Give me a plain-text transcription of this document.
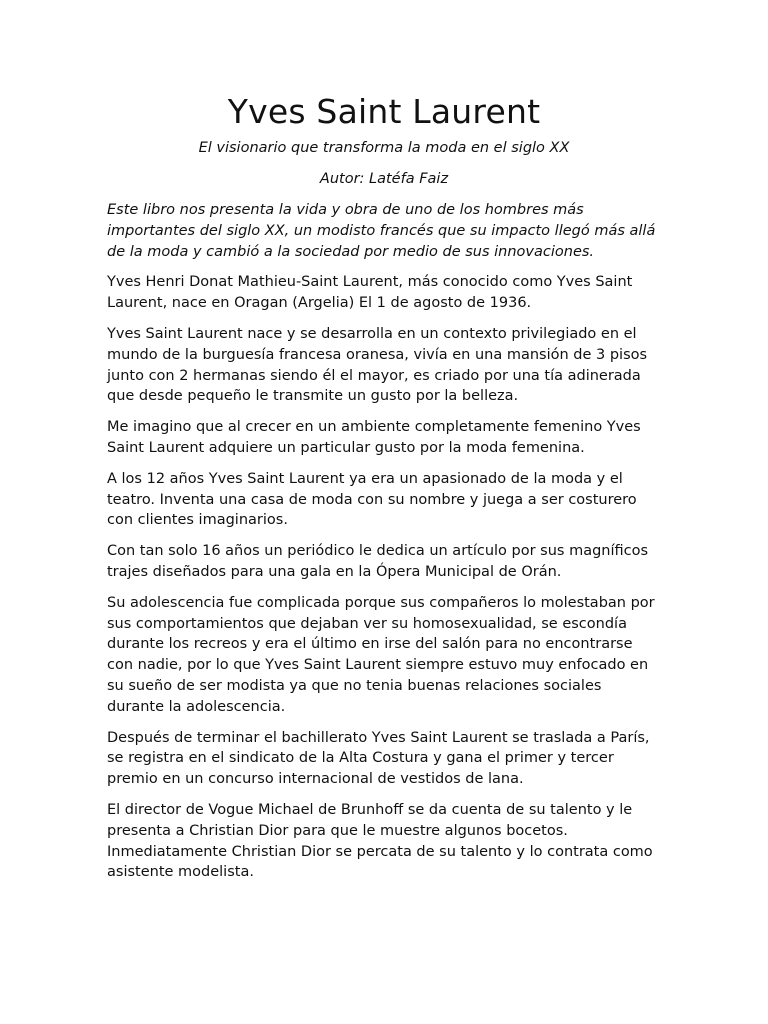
Yves Saint Laurent

El visionario que transforma la moda en el siglo XX

Autor: Latéfa Faiz

Este libro nos presenta la vida y obra de uno de los hombres más importantes del siglo XX, un modisto francés que su impacto llegó más allá de la moda y cambió a la sociedad por medio de sus innovaciones.

Yves Henri Donat Mathieu-Saint Laurent, más conocido como Yves Saint Laurent, nace en Oragan (Argelia) El 1 de agosto de 1936.

Yves Saint Laurent nace y se desarrolla en un contexto privilegiado en el mundo de la burguesía francesa oranesa, vivía en una mansión de 3 pisos junto con 2 hermanas siendo él el mayor, es criado por una tía adinerada que desde pequeño le transmite un gusto por la belleza.

Me imagino que al crecer en un ambiente completamente femenino Yves Saint Laurent adquiere un particular gusto por la moda femenina.

A los 12 años Yves Saint Laurent ya era un apasionado de la moda y el teatro. Inventa una casa de moda con su nombre y juega a ser costurero con clientes imaginarios.

Con tan solo 16 años un periódico le dedica un artículo por sus magníficos trajes diseñados para una gala en la Ópera Municipal de Orán.

Su adolescencia fue complicada porque sus compañeros lo molestaban por sus comportamientos que dejaban ver su homosexualidad, se escondía durante los recreos y era el último en irse del salón para no encontrarse con nadie, por lo que Yves Saint Laurent siempre estuvo muy enfocado en su sueño de ser modista ya que no tenia buenas relaciones sociales durante la adolescencia.

Después de terminar el bachillerato Yves Saint Laurent se traslada a París, se registra en el sindicato de la Alta Costura y gana el primer y tercer premio en un concurso internacional de vestidos de lana.

El director de Vogue Michael de Brunhoff se da cuenta de su talento y le presenta a Christian Dior para que le muestre algunos bocetos. Inmediatamente Christian Dior se percata de su talento y lo contrata como asistente modelista.
